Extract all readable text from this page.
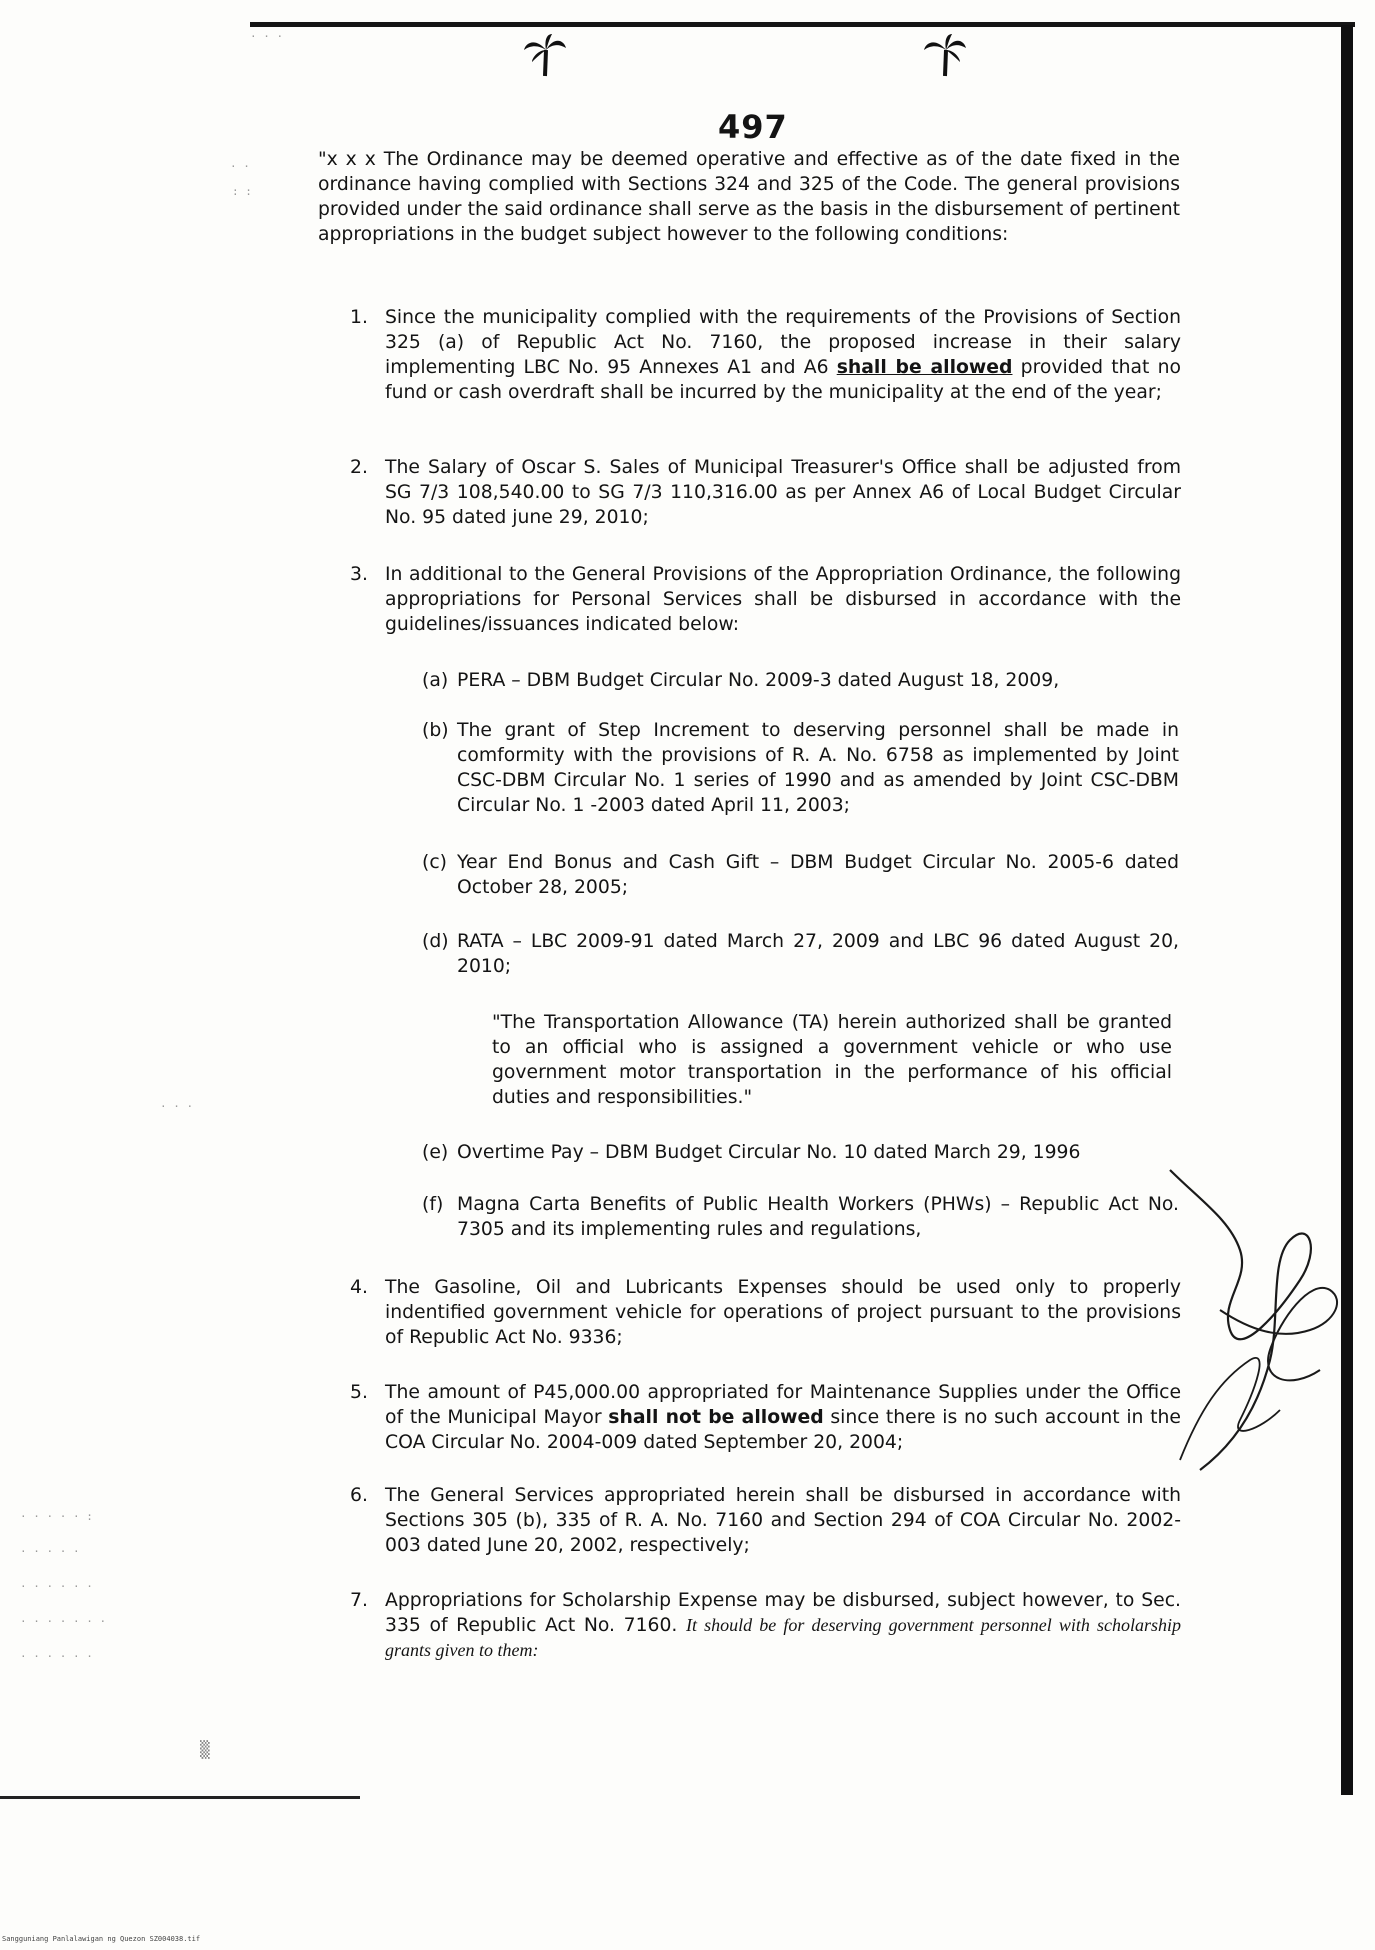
497
"x x x The Ordinance may be deemed operative and effective as of the date fixed in the ordinance having complied with Sections 324 and 325 of the Code. The general provisions provided under the said ordinance shall serve as the basis in the disbursement of pertinent appropriations in the budget subject however to the following conditions:
1. Since the municipality complied with the requirements of the Provisions of Section 325 (a) of Republic Act No. 7160, the proposed increase in their salary implementing LBC No. 95 Annexes A1 and A6 shall be allowed provided that no fund or cash overdraft shall be incurred by the municipality at the end of the year;
2. The Salary of Oscar S. Sales of Municipal Treasurer's Office shall be adjusted from SG 7/3 108,540.00 to SG 7/3 110,316.00 as per Annex A6 of Local Budget Circular No. 95 dated june 29, 2010;
3. In additional to the General Provisions of the Appropriation Ordinance, the following appropriations for Personal Services shall be disbursed in accordance with the guidelines/issuances indicated below:
(a) PERA – DBM Budget Circular No. 2009-3 dated August 18, 2009,
(b) The grant of Step Increment to deserving personnel shall be made in comformity with the provisions of R. A. No. 6758 as implemented by Joint CSC-DBM Circular No. 1 series of 1990 and as amended by Joint CSC-DBM Circular No. 1 -2003 dated April 11, 2003;
(c) Year End Bonus and Cash Gift – DBM Budget Circular No. 2005-6 dated October 28, 2005;
(d) RATA – LBC 2009-91 dated March 27, 2009 and LBC 96 dated August 20, 2010;
"The Transportation Allowance (TA) herein authorized shall be granted to an official who is assigned a government vehicle or who use government motor transportation in the performance of his official duties and responsibilities."
(e) Overtime Pay – DBM Budget Circular No. 10 dated March 29, 1996
(f) Magna Carta Benefits of Public Health Workers (PHWs) – Republic Act No. 7305 and its implementing rules and regulations,
4. The Gasoline, Oil and Lubricants Expenses should be used only to properly indentified government vehicle for operations of project pursuant to the provisions of Republic Act No. 9336;
5. The amount of P45,000.00 appropriated for Maintenance Supplies under the Office of the Municipal Mayor shall not be allowed since there is no such account in the COA Circular No. 2004-009 dated September 20, 2004;
6. The General Services appropriated herein shall be disbursed in accordance with Sections 305 (b), 335 of R. A. No. 7160 and Section 294 of COA Circular No. 2002-003 dated June 20, 2002, respectively;
7. Appropriations for Scholarship Expense may be disbursed, subject however, to Sec. 335 of Republic Act No. 7160. It should be for deserving government personnel with scholarship grants given to them:
· ·
: :
· · ·
· · ·
· · · · · :
· · · · ·
· · · · · ·
· · · · · · ·
· · · · · ·
▒
Sangguniang Panlalawigan ng Quezon SZ004038.tif
